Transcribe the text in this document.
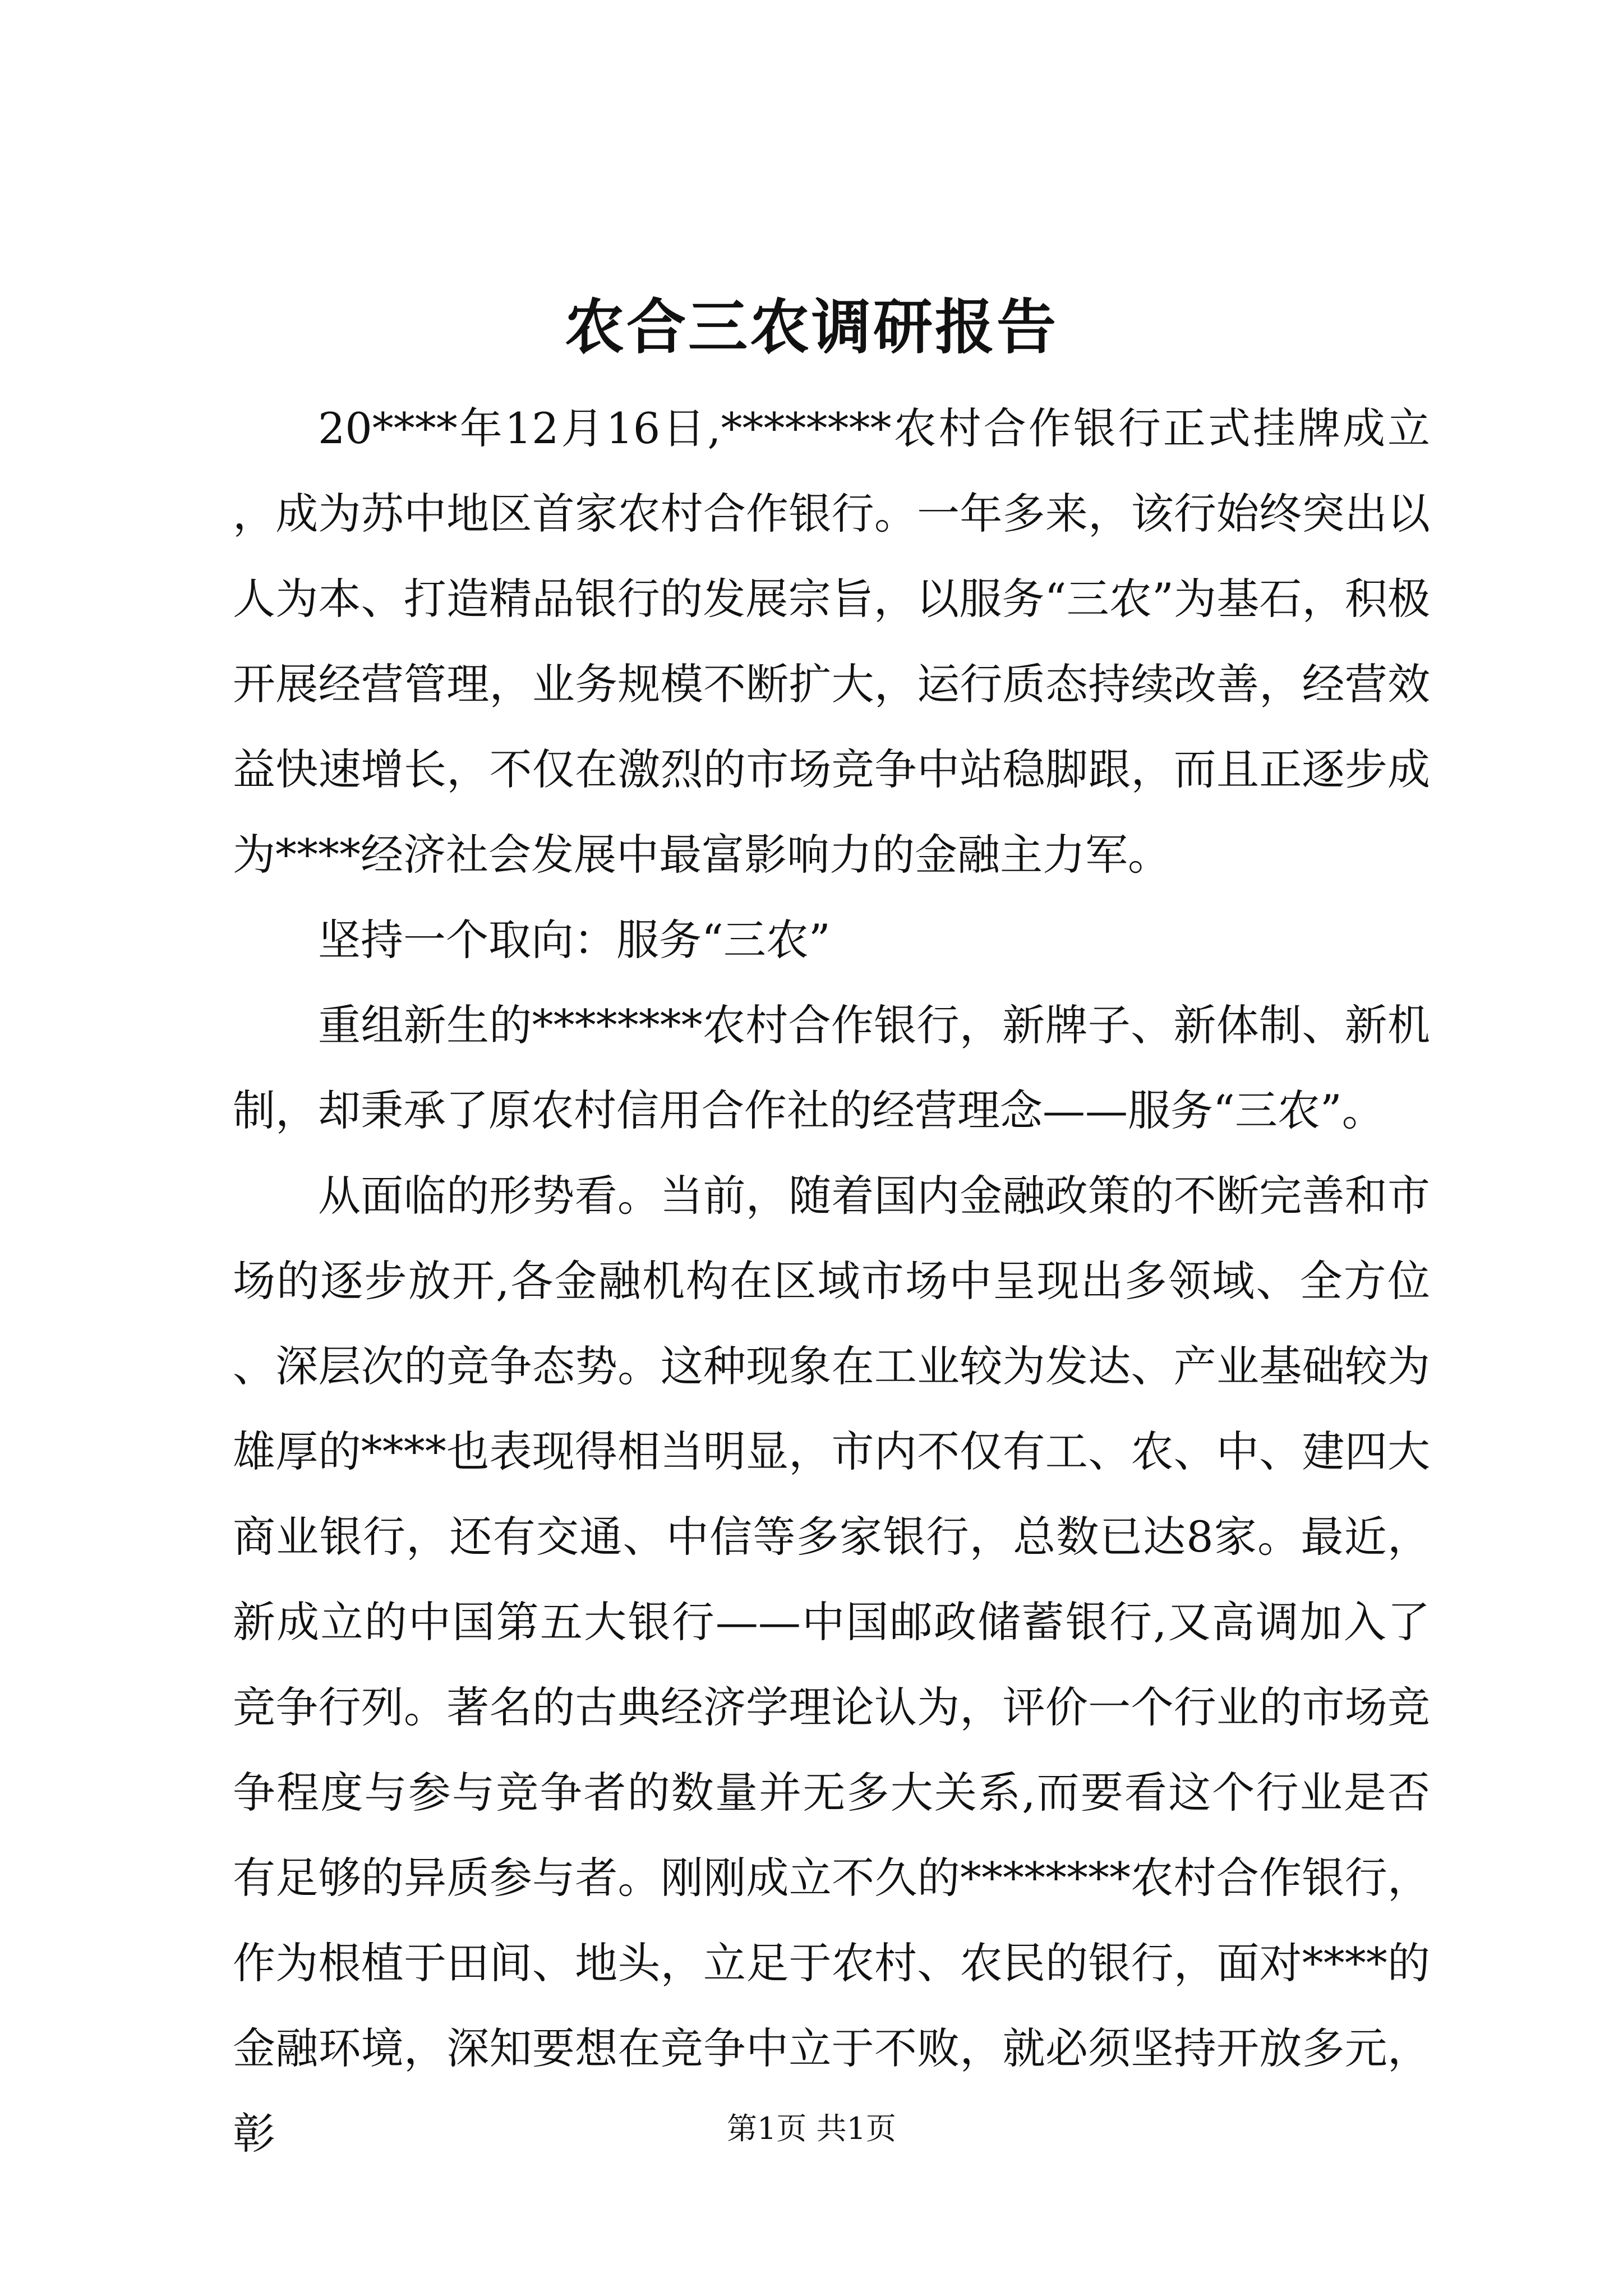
农合三农调研报告

20****年12月16日,********农村合作银行正式挂牌成立，成为苏中地区首家农村合作银行。一年多来，该行始终突出以人为本、打造精品银行的发展宗旨，以服务“三农”为基石，积极开展经营管理，业务规模不断扩大，运行质态持续改善，经营效益快速增长，不仅在激烈的市场竞争中站稳脚跟，而且正逐步成为****经济社会发展中最富影响力的金融主力军。

坚持一个取向：服务“三农”

重组新生的********农村合作银行，新牌子、新体制、新机制，却秉承了原农村信用合作社的经营理念——服务“三农”。

从面临的形势看。当前，随着国内金融政策的不断完善和市场的逐步放开,各金融机构在区域市场中呈现出多领域、全方位、深层次的竞争态势。这种现象在工业较为发达、产业基础较为雄厚的****也表现得相当明显，市内不仅有工、农、中、建四大商业银行，还有交通、中信等多家银行，总数已达8家。最近，新成立的中国第五大银行——中国邮政储蓄银行,又高调加入了竞争行列。著名的古典经济学理论认为，评价一个行业的市场竞争程度与参与竞争者的数量并无多大关系,而要看这个行业是否有足够的异质参与者。刚刚成立不久的********农村合作银行，作为根植于田间、地头，立足于农村、农民的银行，面对****的金融环境，深知要想在竞争中立于不败，就必须坚持开放多元，彰	第1页 共1页
